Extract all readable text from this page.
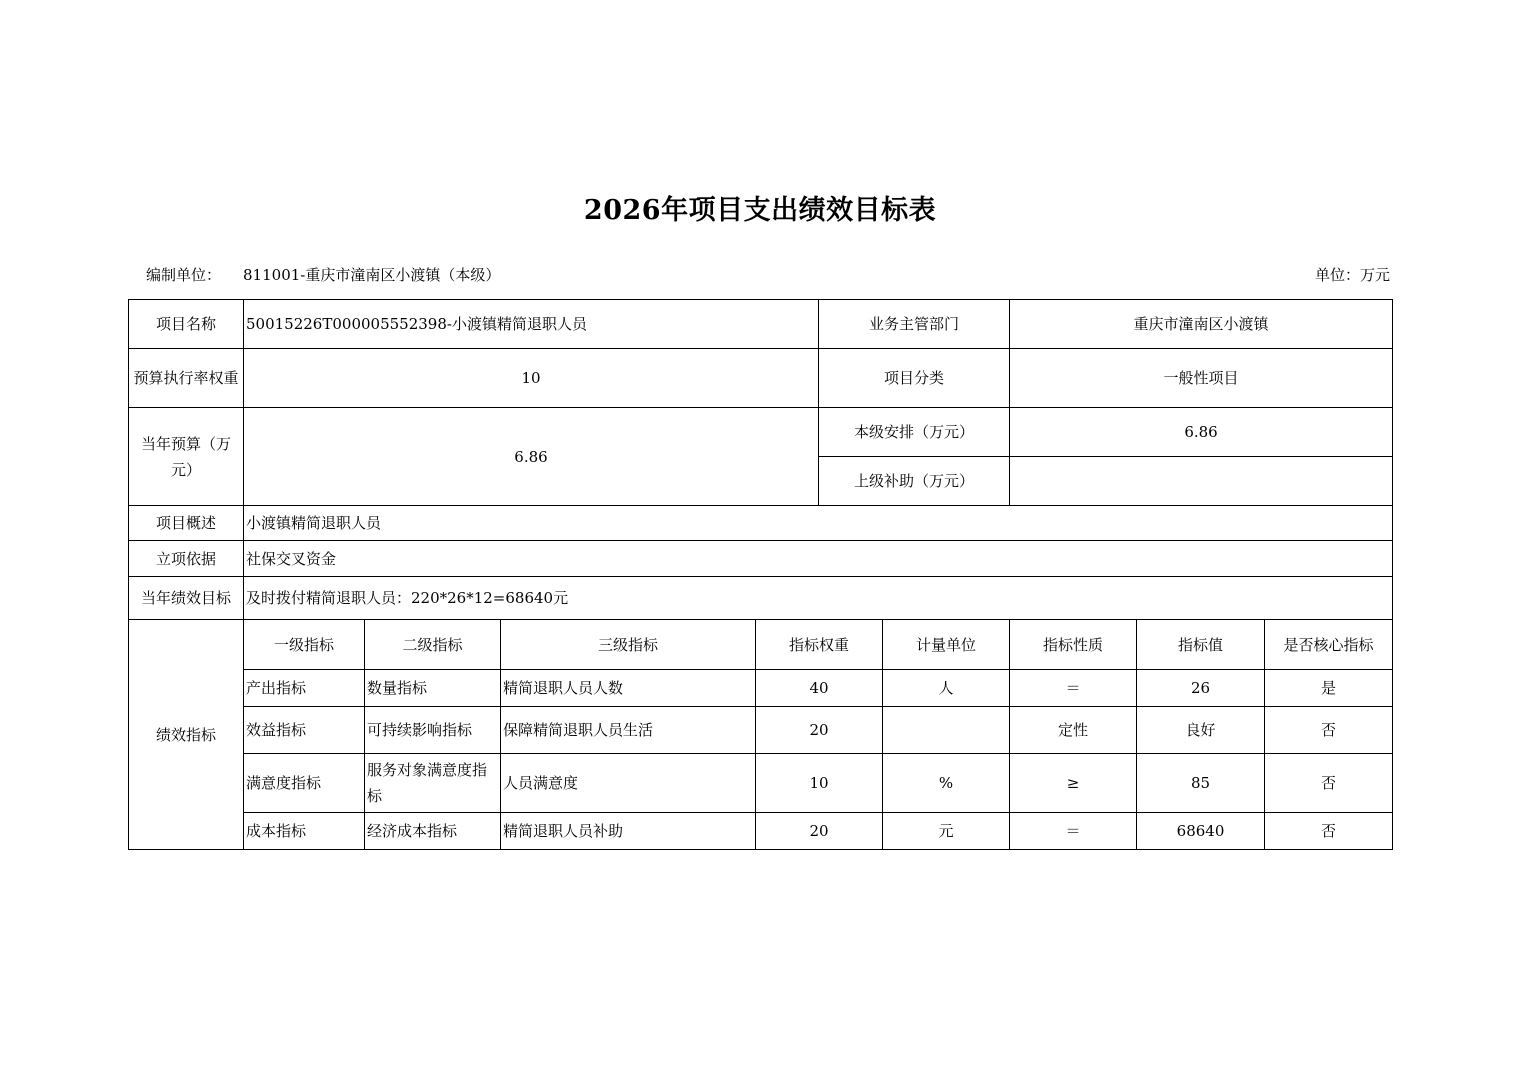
2026年项目支出绩效目标表
编制单位： 811001-重庆市潼南区小渡镇（本级）	单位：万元
项目名称	50015226T000005552398-小渡镇精简退职人员				业务主管部门		重庆市潼南区小渡镇		
预算执行率权重	10				项目分类		一般性项目		
当年预算（万元）	6.86				本级安排（万元）		6.86		
					上级补助（万元）				
项目概述	小渡镇精简退职人员								
立项依据	社保交叉资金								
当年绩效目标	及时拨付精简退职人员：220*26*12=68640元								
绩效指标	一级指标	二级指标	三级指标	指标权重		计量单位	指标性质	指标值	是否核心指标
	产出指标	数量指标	精简退职人员人数	40		人	＝	26	是
	效益指标	可持续影响指标	保障精简退职人员生活	20			定性	良好	否
	满意度指标	服务对象满意度指标	人员满意度	10		%	≥	85	否
	成本指标	经济成本指标	精简退职人员补助	20		元	＝	68640	否
